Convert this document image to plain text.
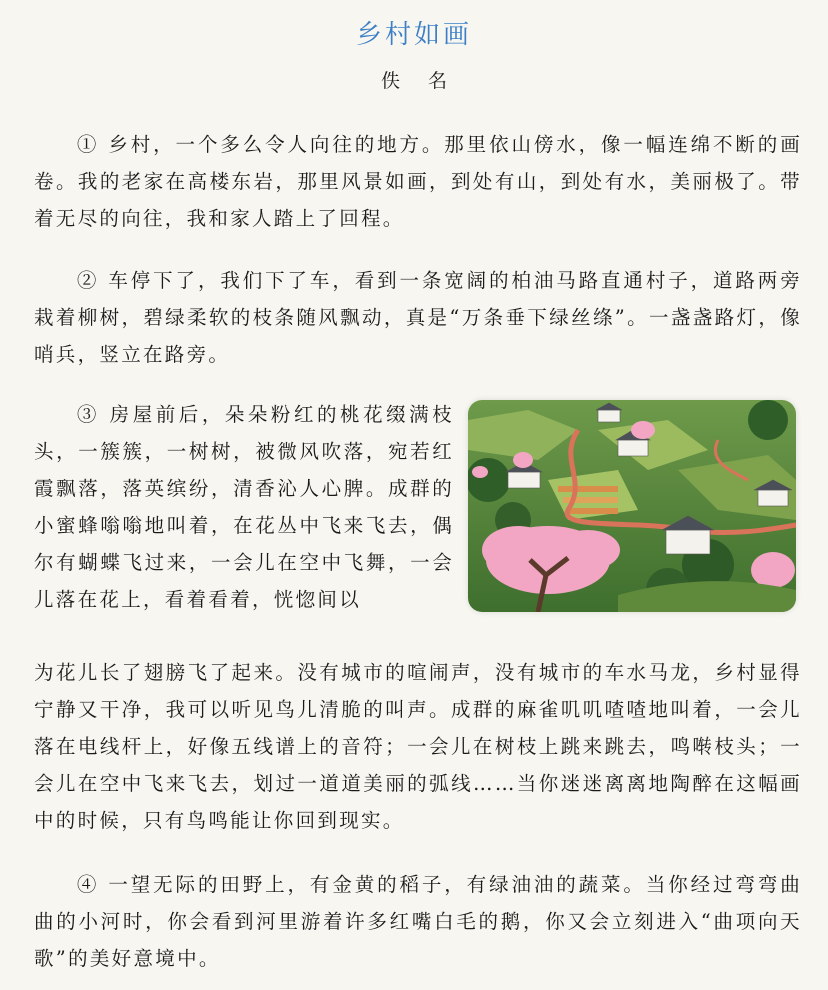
乡村如画
佚名

① 乡村，一个多么令人向往的地方。那里依山傍水，像一幅连绵不断的画卷。我的老家在高楼东岩，那里风景如画，到处有山，到处有水，美丽极了。带着无尽的向往，我和家人踏上了回程。

② 车停下了，我们下了车，看到一条宽阔的柏油马路直通村子，道路两旁栽着柳树，碧绿柔软的枝条随风飘动，真是“万条垂下绿丝绦”。一盏盏路灯，像哨兵，竖立在路旁。

③ 房屋前后，朵朵粉红的桃花缀满枝头，一簇簇，一树树，被微风吹落，宛若红霞飘落，落英缤纷，清香沁人心脾。成群的小蜜蜂嗡嗡地叫着，在花丛中飞来飞去，偶尔有蝴蝶飞过来，一会儿在空中飞舞，一会儿落在花上，看着看着，恍惚间以

为花儿长了翅膀飞了起来。没有城市的喧闹声，没有城市的车水马龙，乡村显得宁静又干净，我可以听见鸟儿清脆的叫声。成群的麻雀叽叽喳喳地叫着，一会儿落在电线杆上，好像五线谱上的音符；一会儿在树枝上跳来跳去，鸣啭枝头；一会儿在空中飞来飞去，划过一道道美丽的弧线……当你迷迷离离地陶醉在这幅画中的时候，只有鸟鸣能让你回到现实。

④ 一望无际的田野上，有金黄的稻子，有绿油油的蔬菜。当你经过弯弯曲曲的小河时，你会看到河里游着许多红嘴白毛的鹅，你又会立刻进入“曲项向天歌”的美好意境中。
